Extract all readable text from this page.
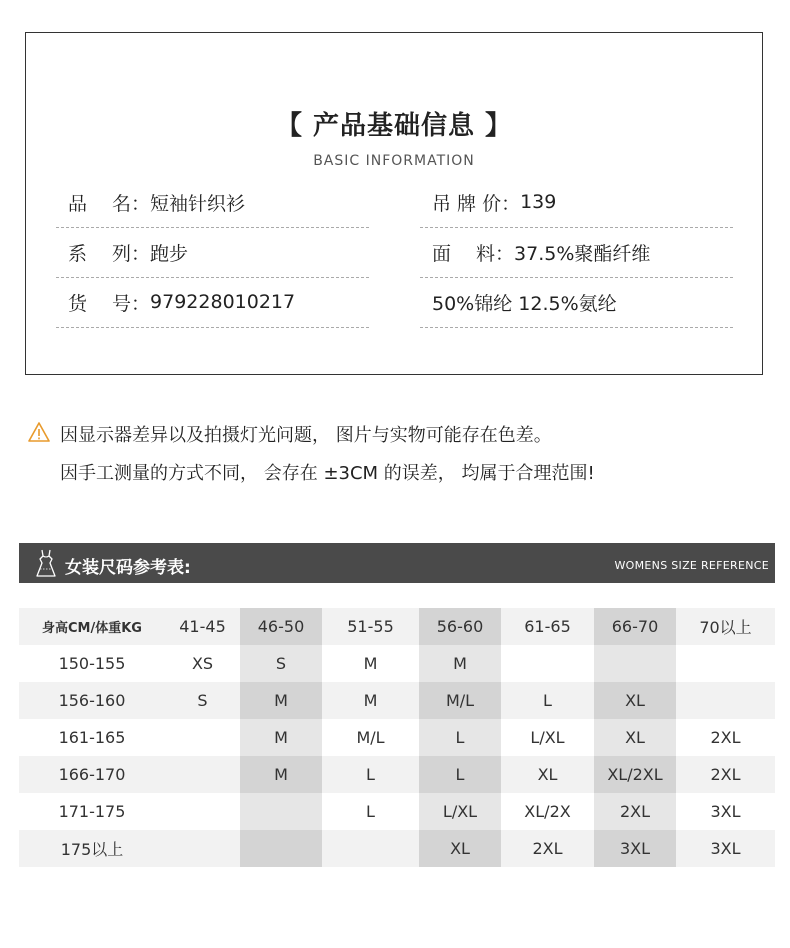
【 产品基础信息 】
BASIC INFORMATION
品　 名： 短袖针织衫
系　 列： 跑步
货　 号： 979228010217
吊 牌 价： 139
面　 料： 37.5%聚酯纤维
50%锦纶 12.5%氨纶
因显示器差异以及拍摄灯光问题， 图片与实物可能存在色差。
因手工测量的方式不同， 会存在 ±3CM 的误差， 均属于合理范围!
女装尺码参考表:	WOMENS SIZE REFERENCE
身高CM/体重KG	41-45	46-50	51-55	56-60	61-65	66-70	70以上
150-155	XS	S	M	M			
156-160	S	M	M	M/L	L	XL	
161-165		M	M/L	L	L/XL	XL	2XL
166-170		M	L	L	XL	XL/2XL	2XL
171-175			L	L/XL	XL/2X	2XL	3XL
175以上				XL	2XL	3XL	3XL
